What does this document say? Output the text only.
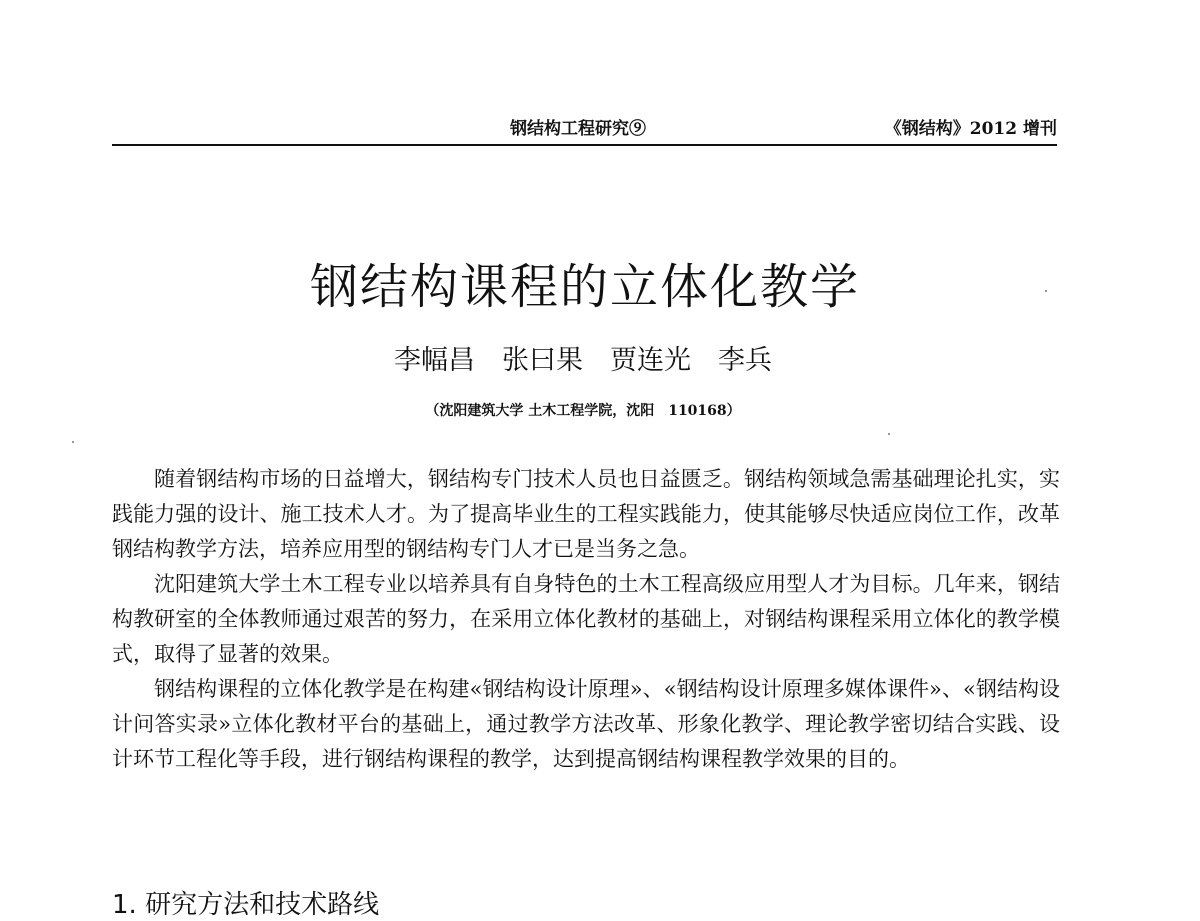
钢结构工程研究⑨	《钢结构》2012 增刊
钢结构课程的立体化教学
李幅昌　张曰果　贾连光　李兵
（沈阳建筑大学 土木工程学院，沈阳　110168）

随着钢结构市场的日益增大，钢结构专门技术人员也日益匮乏。钢结构领域急需基础理论扎实，实践能力强的设计、施工技术人才。为了提高毕业生的工程实践能力，使其能够尽快适应岗位工作，改革钢结构教学方法，培养应用型的钢结构专门人才已是当务之急。

沈阳建筑大学土木工程专业以培养具有自身特色的土木工程高级应用型人才为目标。几年来，钢结构教研室的全体教师通过艰苦的努力，在采用立体化教材的基础上，对钢结构课程采用立体化的教学模式，取得了显著的效果。

钢结构课程的立体化教学是在构建«钢结构设计原理»、«钢结构设计原理多媒体课件»、«钢结构设计问答实录»立体化教材平台的基础上，通过教学方法改革、形象化教学、理论教学密切结合实践、设计环节工程化等手段，进行钢结构课程的教学，达到提高钢结构课程教学效果的目的。

1. 研究方法和技术路线
